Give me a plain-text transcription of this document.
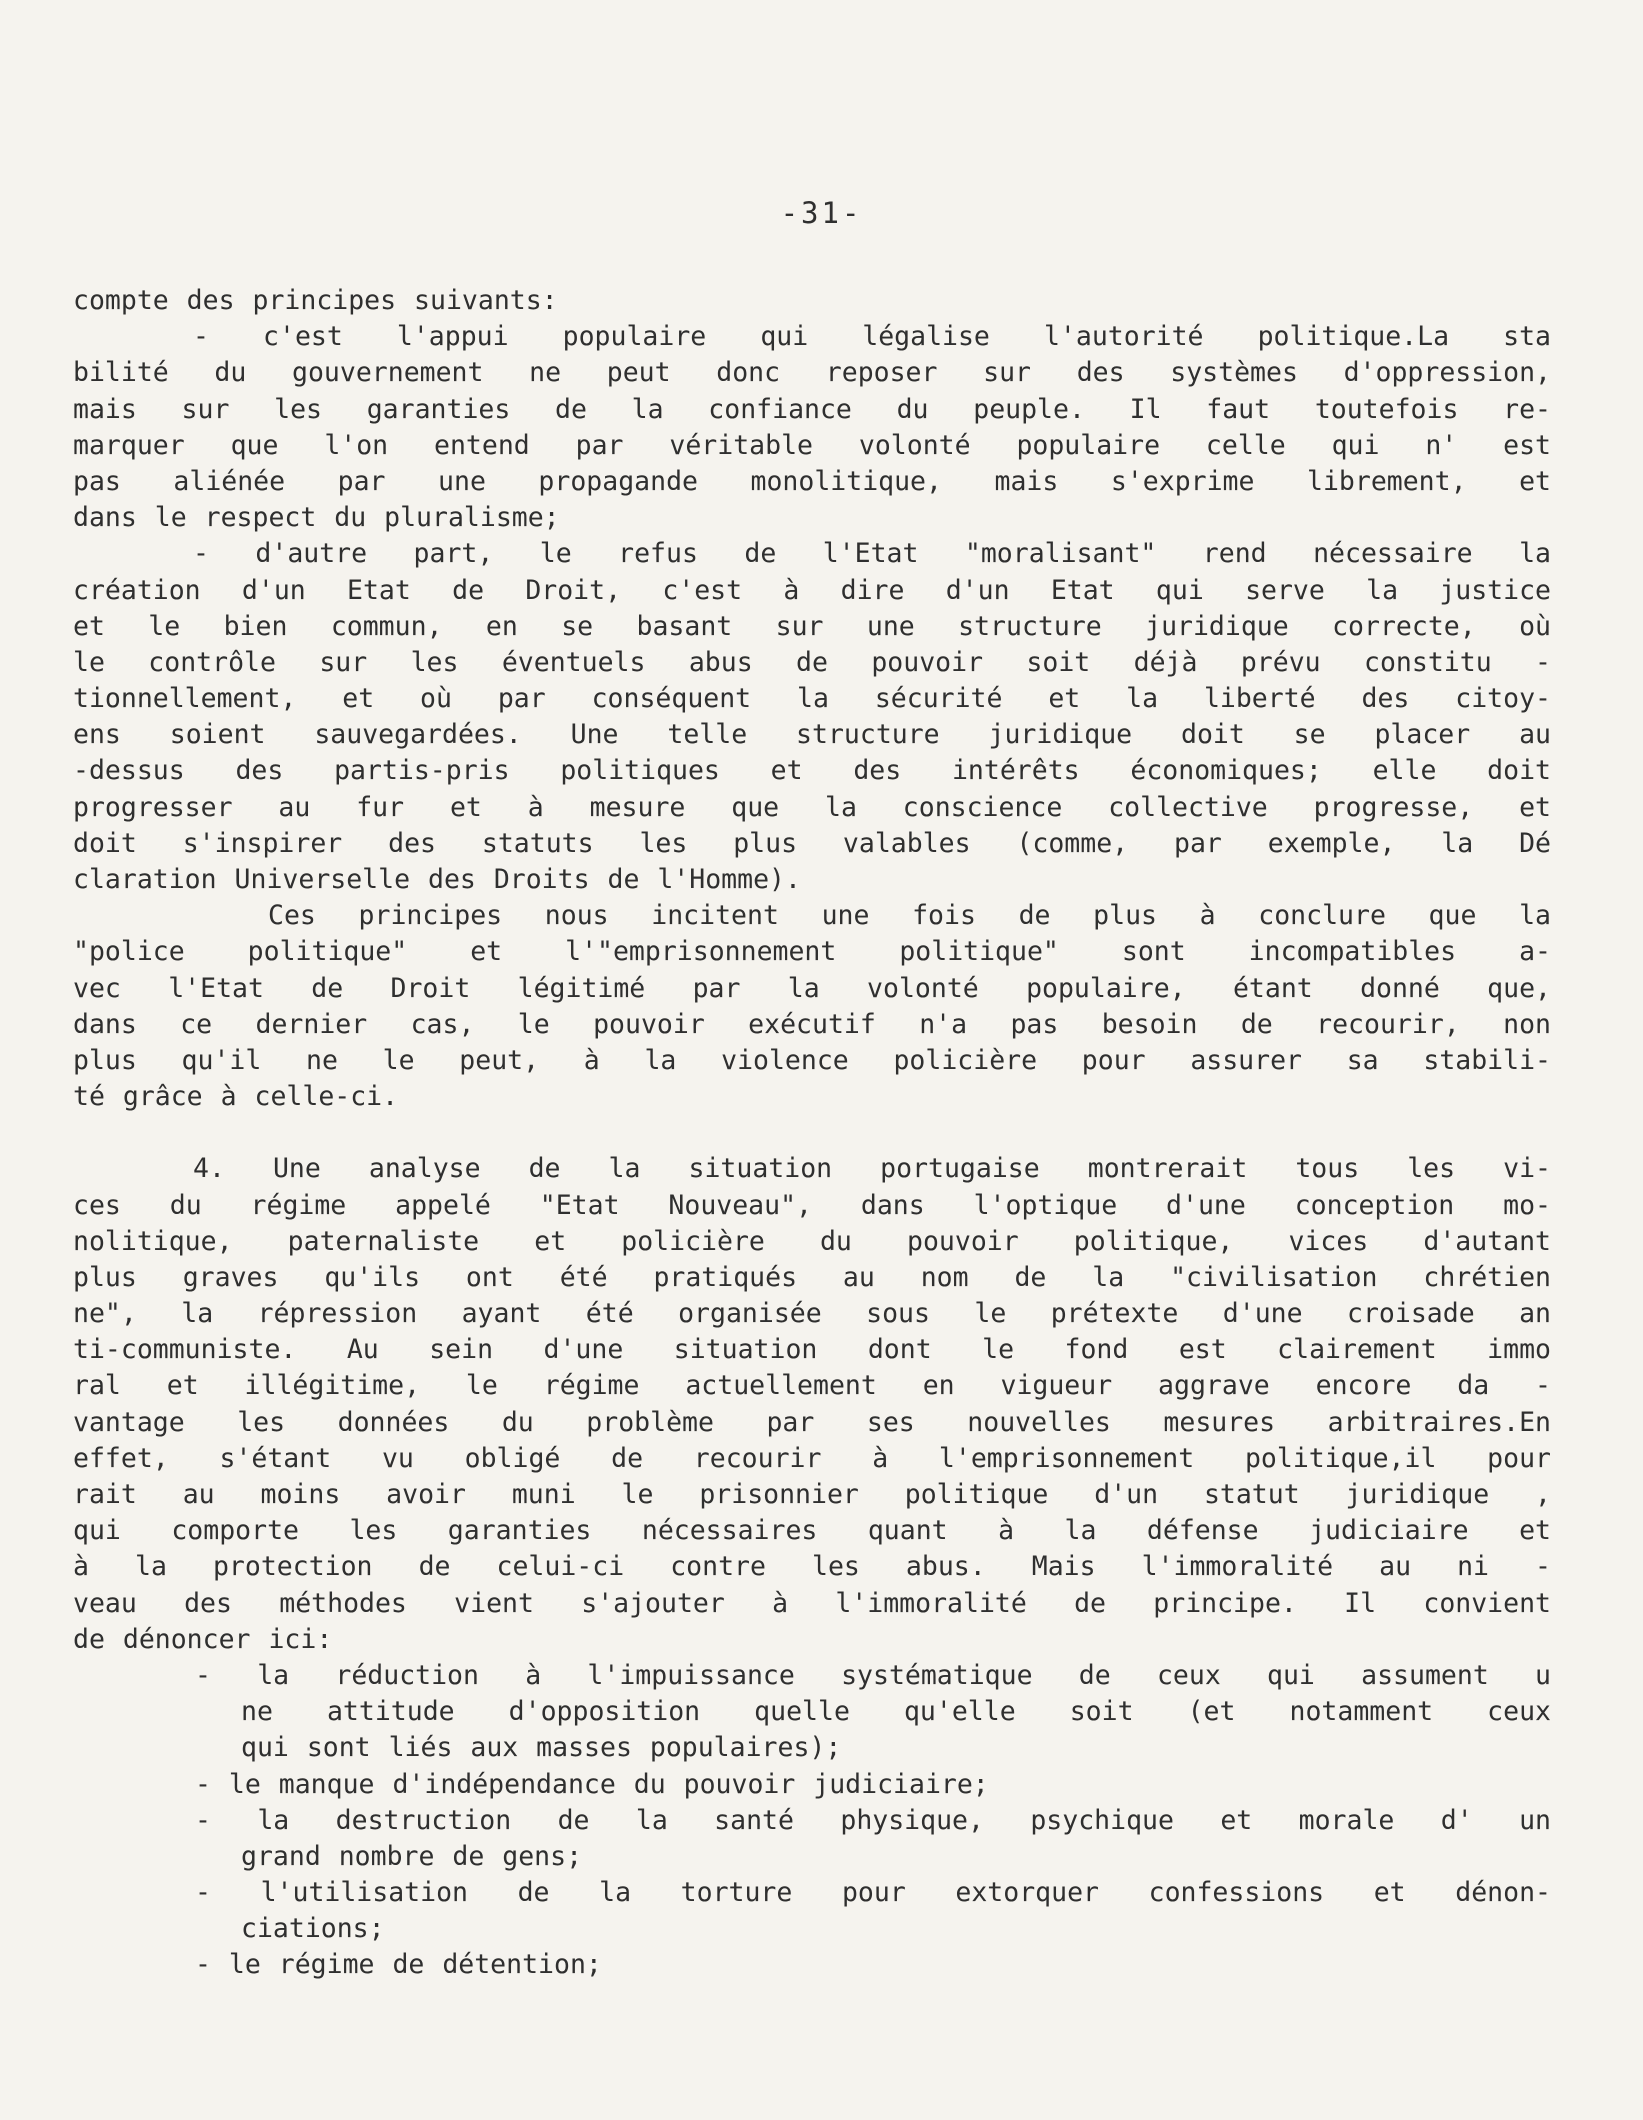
-31-
compte des principes suivants:
- c'est l'appui populaire qui légalise l'autorité politique.La sta
bilité du gouvernement ne peut donc reposer sur des systèmes d'oppression,
mais sur les garanties de la confiance du peuple. Il faut toutefois re-
marquer que l'on entend par véritable volonté populaire celle qui n' est
pas aliénée par une propagande monolitique, mais s'exprime librement, et
dans le respect du pluralisme;
- d'autre part, le refus de l'Etat "moralisant" rend nécessaire la
création d'un Etat de Droit, c'est à dire d'un Etat qui serve la justice
et le bien commun, en se basant sur une structure juridique correcte, où
le contrôle sur les éventuels abus de pouvoir soit déjà prévu constitu -
tionnellement, et où par conséquent la sécurité et la liberté des citoy-
ens soient sauvegardées. Une telle structure juridique doit se placer au
-dessus des partis-pris politiques et des intérêts économiques; elle doit
progresser au fur et à mesure que la conscience collective progresse, et
doit s'inspirer des statuts les plus valables (comme, par exemple, la Dé
claration Universelle des Droits de l'Homme).
Ces principes nous incitent une fois de plus à conclure que la
"police politique" et l'"emprisonnement politique" sont incompatibles a-
vec l'Etat de Droit légitimé par la volonté populaire, étant donné que,
dans ce dernier cas, le pouvoir exécutif n'a pas besoin de recourir, non
plus qu'il ne le peut, à la violence policière pour assurer sa stabili-
té grâce à celle-ci.
4. Une analyse de la situation portugaise montrerait tous les vi-
ces du régime appelé "Etat Nouveau", dans l'optique d'une conception mo-
nolitique, paternaliste et policière du pouvoir politique, vices d'autant
plus graves qu'ils ont été pratiqués au nom de la "civilisation chrétien
ne", la répression ayant été organisée sous le prétexte d'une croisade an
ti-communiste. Au sein d'une situation dont le fond est clairement immo
ral et illégitime, le régime actuellement en vigueur aggrave encore da -
vantage les données du problème par ses nouvelles mesures arbitraires.En
effet, s'étant vu obligé de recourir à l'emprisonnement politique,il pour
rait au moins avoir muni le prisonnier politique d'un statut juridique ,
qui comporte les garanties nécessaires quant à la défense judiciaire et
à la protection de celui-ci contre les abus. Mais l'immoralité au ni -
veau des méthodes vient s'ajouter à l'immoralité de principe. Il convient
de dénoncer ici:
- la réduction à l'impuissance systématique de ceux qui assument u
ne attitude d'opposition quelle qu'elle soit (et notamment ceux
qui sont liés aux masses populaires);
- le manque d'indépendance du pouvoir judiciaire;
- la destruction de la santé physique, psychique et morale d' un
grand nombre de gens;
- l'utilisation de la torture pour extorquer confessions et dénon-
ciations;
- le régime de détention;
